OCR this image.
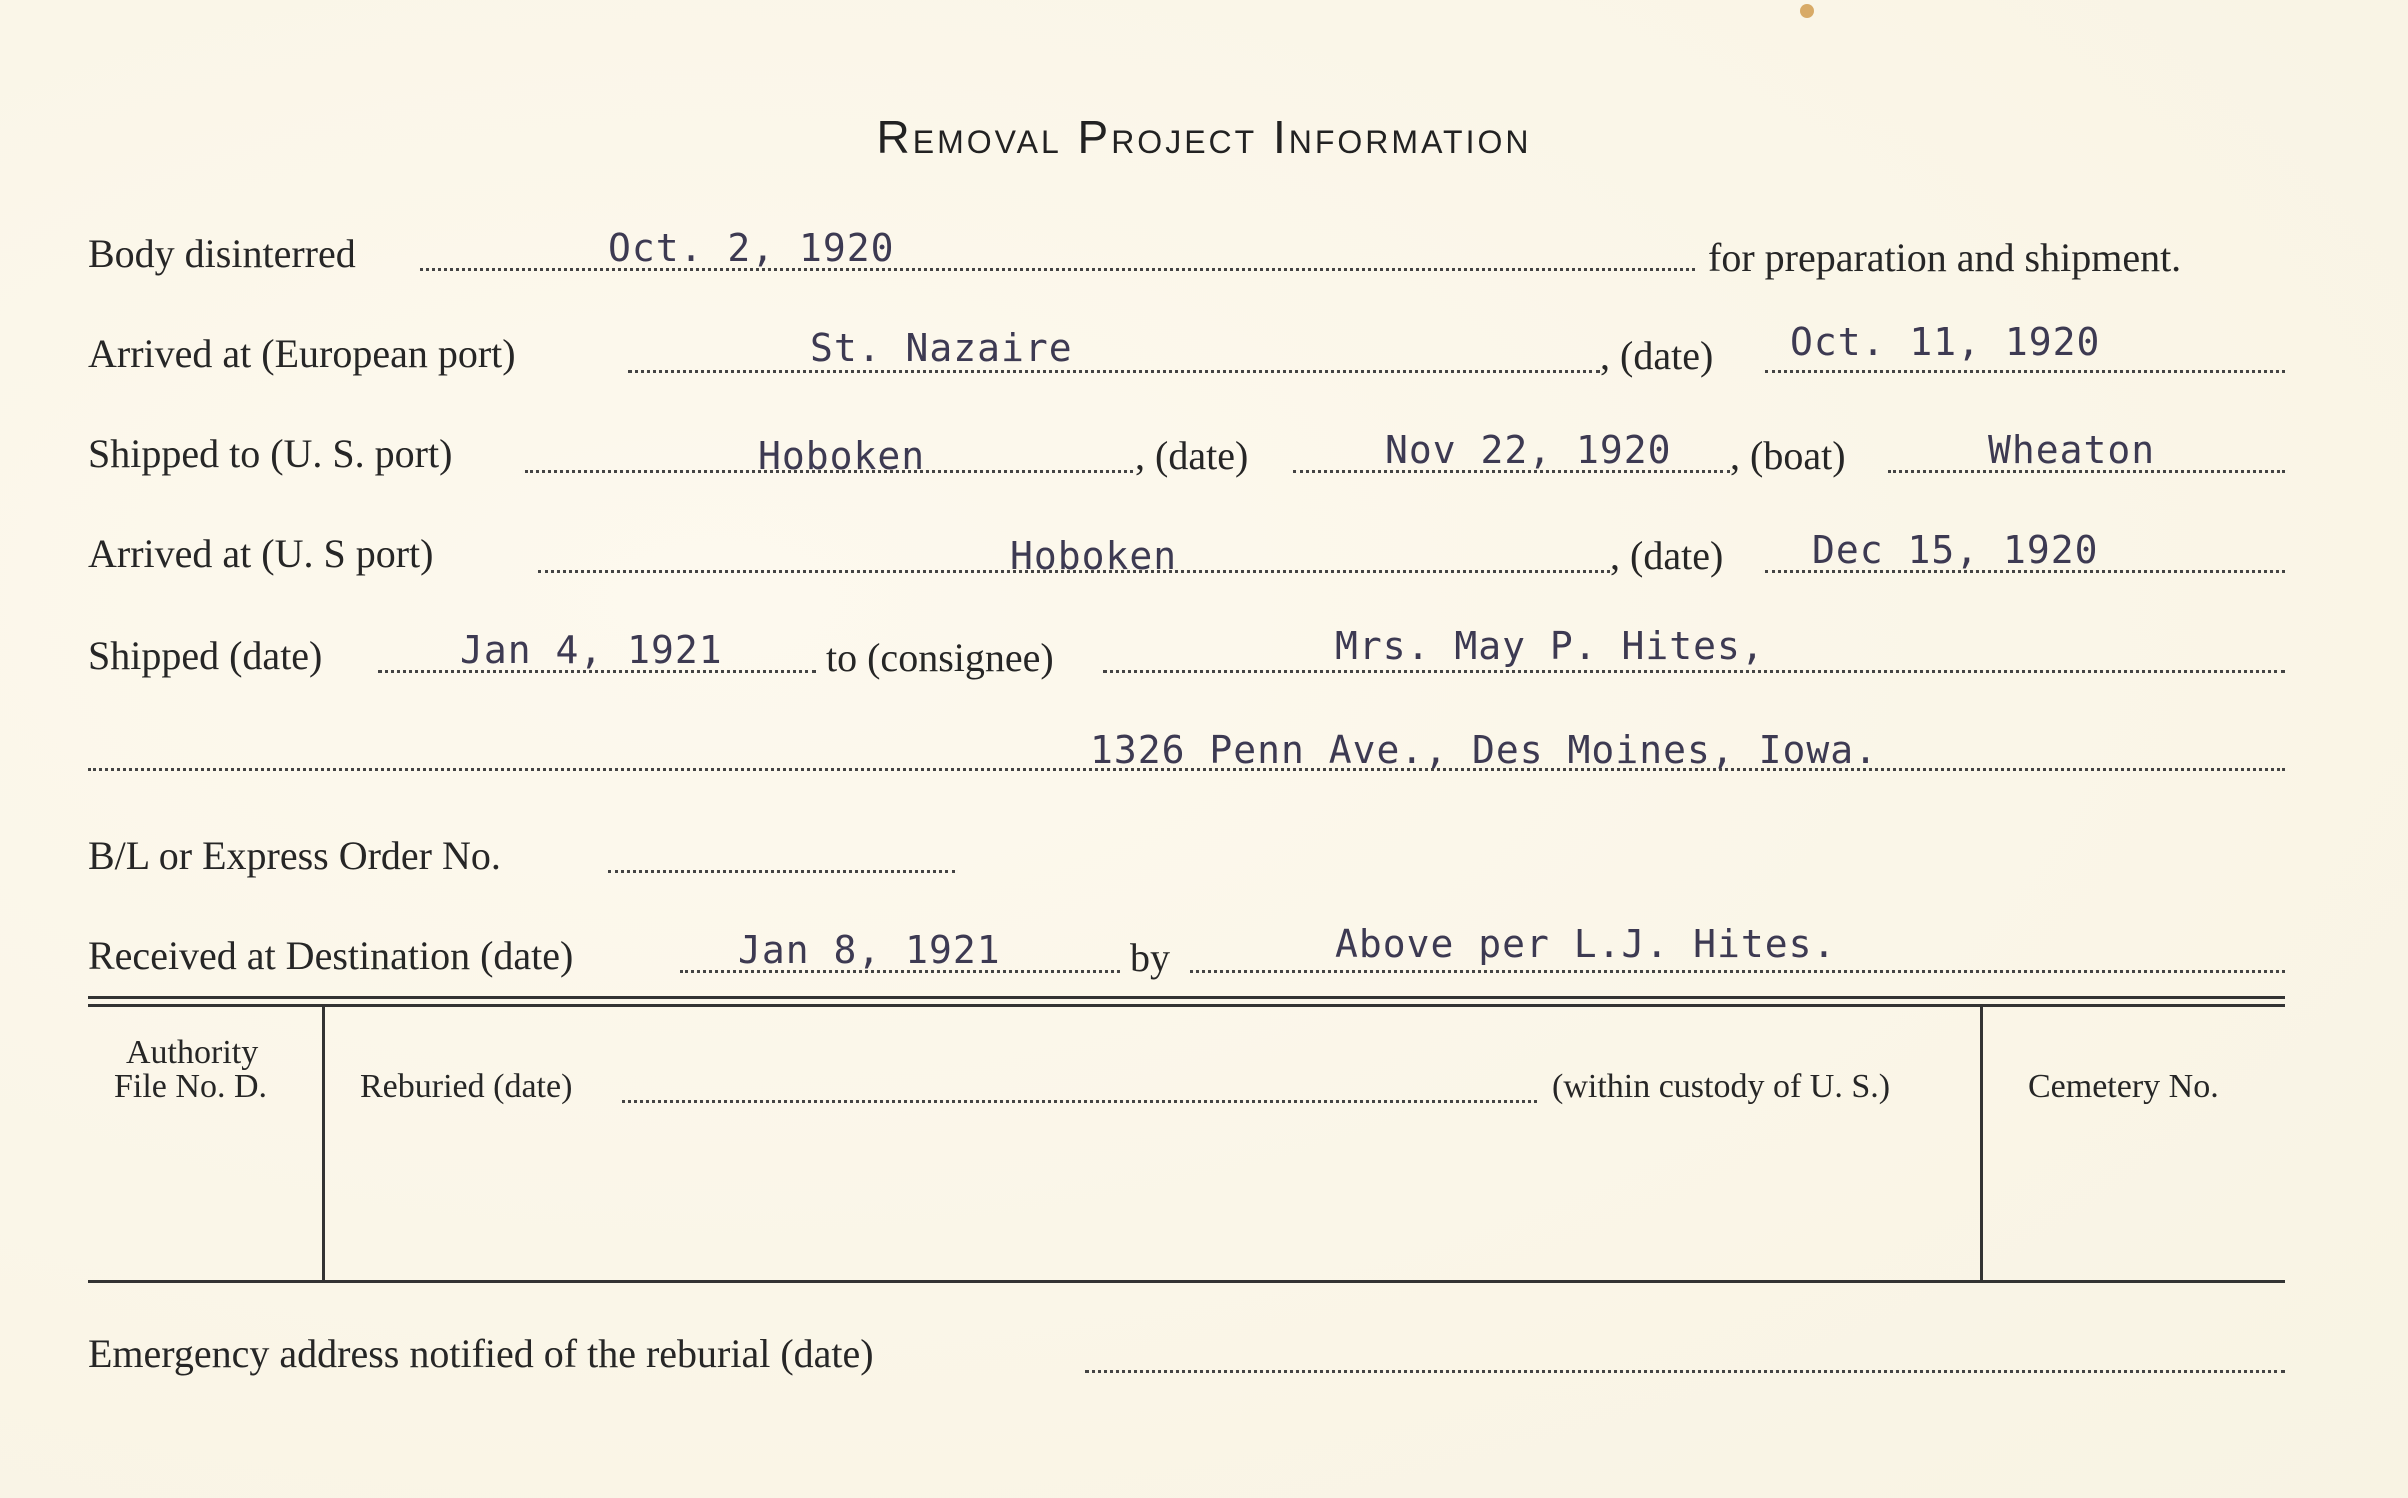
Removal Project Information
Body disinterred	Oct. 2, 1920	for preparation and shipment.
Arrived at (European port)	St. Nazaire	, (date) Oct. 11, 1920
Shipped to (U. S. port)	Hoboken	, (date)	Nov 22, 1920 , (boat)	Wheaton
Arrived at (U. S port)	Hoboken	, (date) Dec 15, 1920
Shipped (date)	Jan 4, 1921	to (consignee)	Mrs. May P. Hites,
1326 Penn Ave., Des Moines, Iowa.
B/L or Express Order No.
Received at Destination (date)	Jan 8, 1921	by	Above per L.J. Hites.
Authority
File No. D.	Reburied (date)	(within custody of U. S.)	Cemetery No.
Emergency address notified of the reburial (date)
